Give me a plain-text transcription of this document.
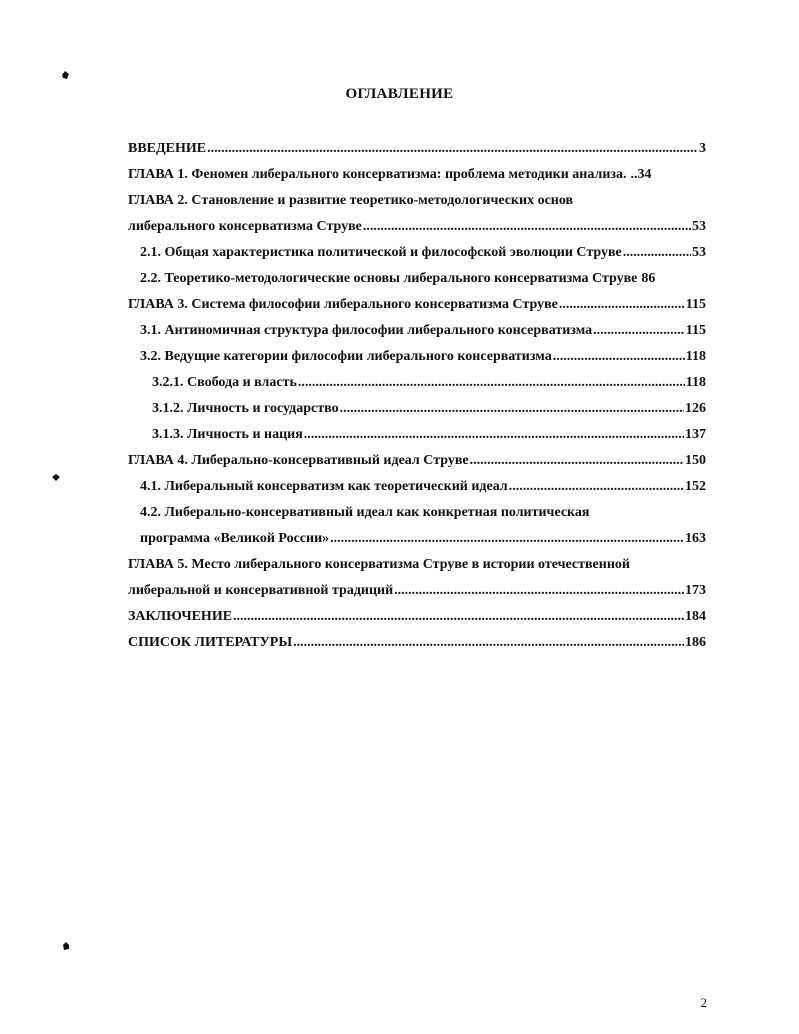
ОГЛАВЛЕНИЕ
ВВЕДЕНИЕ .....	3
ГЛАВА 1. Феномен либерального консерватизма: проблема методики анализа. ..34
ГЛАВА 2. Становление и развитие теоретико-методологических основ
либерального консерватизма Струве .....	53
2.1. Общая характеристика политической и философской эволюции Струве .....	53
2.2. Теоретико-методологические основы либерального консерватизма Струве 86
ГЛАВА 3. Система философии либерального консерватизма Струве .....	115
3.1. Антиномичная структура философии либерального консерватизма .....	115
3.2. Ведущие категории философии либерального консерватизма .....	118
3.2.1. Свобода и власть .....	118
3.1.2. Личность и государство .....	126
3.1.3. Личность и нация .....	137
ГЛАВА 4. Либерально-консервативный идеал Струве .....	150
4.1. Либеральный консерватизм как теоретический идеал .....	152
4.2. Либерально-консервативный идеал как конкретная политическая
программа «Великой России» .....	163
ГЛАВА 5. Место либерального консерватизма Струве в истории отечественной
либеральной и консервативной традиций .....	173
ЗАКЛЮЧЕНИЕ .....	184
СПИСОК ЛИТЕРАТУРЫ .....	186
2
